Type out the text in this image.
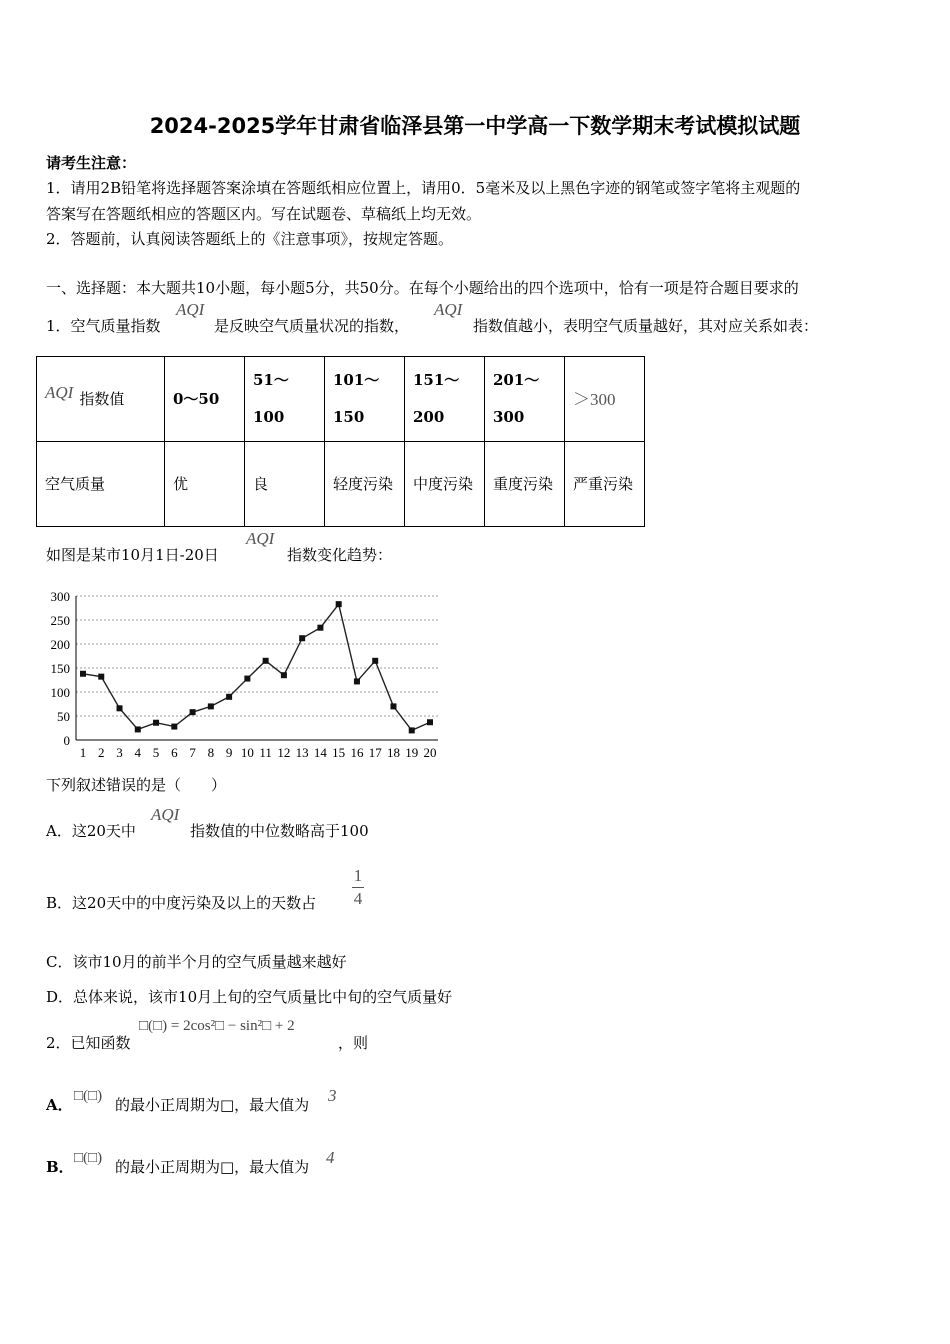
2024-2025学年甘肃省临泽县第一中学高一下数学期末考试模拟试题
请考生注意：
1．请用2B铅笔将选择题答案涂填在答题纸相应位置上，请用0．5毫米及以上黑色字迹的钢笔或签字笔将主观题的
答案写在答题纸相应的答题区内。写在试题卷、草稿纸上均无效。
2．答题前，认真阅读答题纸上的《注意事项》，按规定答题。
一、选择题：本大题共10小题，每小题5分，共50分。在每个小题给出的四个选项中，恰有一项是符合题目要求的
1．空气质量指数
AQI
是反映空气质量状况的指数，
AQI
指数值越小，表明空气质量越好，其对应关系如表：
AQI 指数值	0～50	51～100	101～150	151～200	201～300	＞300
空气质量	优	良	轻度污染	中度污染	重度污染	严重污染
如图是某市10月1日-20日
AQI
指数变化趋势：
0
50
100
150
200
250
300
1 2 3 4 5 6 7 8 9 10 11 12 13 14 15 16 17 18 19 20
下列叙述错误的是（　　）
A．这20天中
AQI
指数值的中位数略高于100
B．这20天中的中度污染及以上的天数占
1
4
C．该市10月的前半个月的空气质量越来越好
D．总体来说，该市10月上旬的空气质量比中旬的空气质量好
2．已知函数
□(□) = 2cos²□ − sin²□ + 2
，则
A． □(□) 的最小正周期为□，最大值为 3
B． □(□) 的最小正周期为□，最大值为 4
